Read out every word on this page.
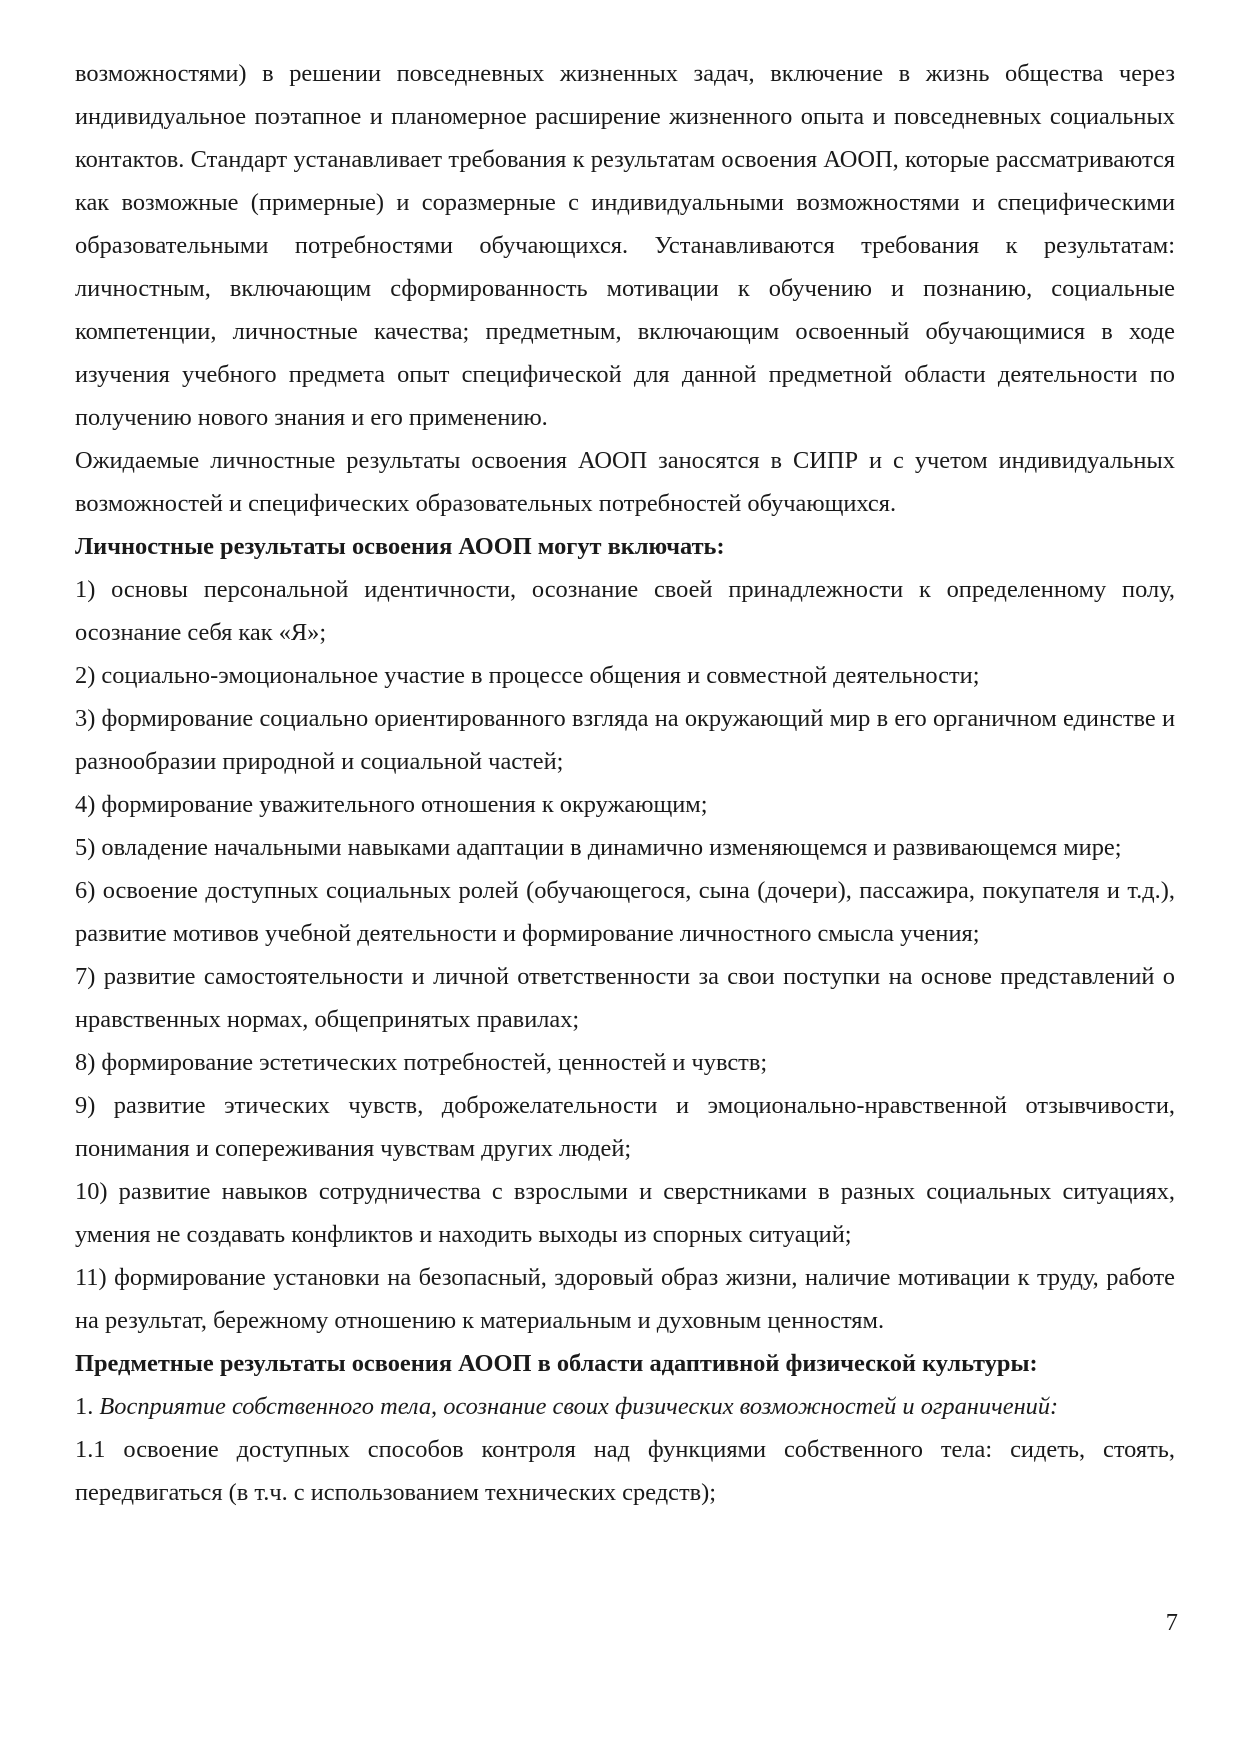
возможностями) в решении повседневных жизненных задач, включение в жизнь общества через индивидуальное поэтапное и планомерное расширение жизненного опыта и повседневных социальных контактов. Стандарт устанавливает требования к результатам освоения АООП, которые рассматриваются как возможные (примерные) и соразмерные с индивидуальными возможностями и специфическими образовательными потребностями обучающихся. Устанавливаются требования к результатам: личностным, включающим сформированность мотивации к обучению и познанию, социальные компетенции, личностные качества; предметным, включающим освоенный обучающимися в ходе изучения учебного предмета опыт специфической для данной предметной области деятельности по получению нового знания и его применению.

Ожидаемые личностные результаты освоения АООП заносятся в СИПР и с учетом индивидуальных возможностей и специфических образовательных потребностей обучающихся.

Личностные результаты освоения АООП могут включать:

1) основы персональной идентичности, осознание своей принадлежности к определенному полу, осознание себя как «Я»;

2) социально-эмоциональное участие в процессе общения и совместной деятельности;

3) формирование социально ориентированного взгляда на окружающий мир в его органичном единстве и разнообразии природной и социальной частей;

4) формирование уважительного отношения к окружающим;

5) овладение начальными навыками адаптации в динамично изменяющемся и развивающемся мире;

6) освоение доступных социальных ролей (обучающегося, сына (дочери), пассажира, покупателя и т.д.), развитие мотивов учебной деятельности и формирование личностного смысла учения;

7) развитие самостоятельности и личной ответственности за свои поступки на основе представлений о нравственных нормах, общепринятых правилах;

8) формирование эстетических потребностей, ценностей и чувств;

9) развитие этических чувств, доброжелательности и эмоционально-нравственной отзывчивости, понимания и сопереживания чувствам других людей;

10) развитие навыков сотрудничества с взрослыми и сверстниками в разных социальных ситуациях, умения не создавать конфликтов и находить выходы из спорных ситуаций;

11) формирование установки на безопасный, здоровый образ жизни, наличие мотивации к труду, работе на результат, бережному отношению к материальным и духовным ценностям.

Предметные результаты освоения АООП в области адаптивной физической культуры:

1. Восприятие собственного тела, осознание своих физических возможностей и ограничений:

1.1 освоение доступных способов контроля над функциями собственного тела: сидеть, стоять, передвигаться (в т.ч. с использованием технических средств);

7
